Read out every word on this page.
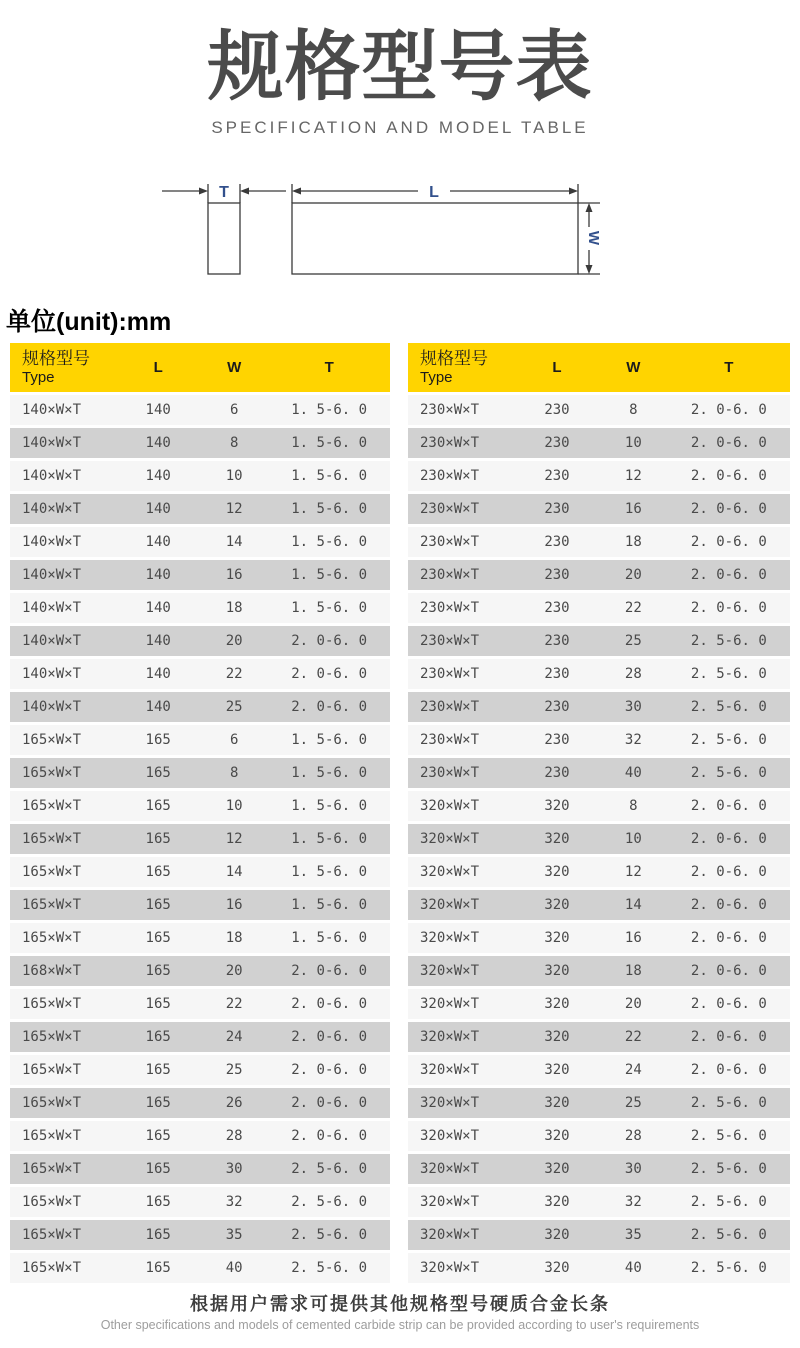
规格型号表
SPECIFICATION AND MODEL TABLE
T	L
W
单位(unit):mm
规格型号
Type
L	W	T
140×W×T	140	6	1. 5-6. 0
140×W×T	140	8	1. 5-6. 0
140×W×T	140	10	1. 5-6. 0
140×W×T	140	12	1. 5-6. 0
140×W×T	140	14	1. 5-6. 0
140×W×T	140	16	1. 5-6. 0
140×W×T	140	18	1. 5-6. 0
140×W×T	140	20	2. 0-6. 0
140×W×T	140	22	2. 0-6. 0
140×W×T	140	25	2. 0-6. 0
165×W×T	165	6	1. 5-6. 0
165×W×T	165	8	1. 5-6. 0
165×W×T	165	10	1. 5-6. 0
165×W×T	165	12	1. 5-6. 0
165×W×T	165	14	1. 5-6. 0
165×W×T	165	16	1. 5-6. 0
165×W×T	165	18	1. 5-6. 0
168×W×T	165	20	2. 0-6. 0
165×W×T	165	22	2. 0-6. 0
165×W×T	165	24	2. 0-6. 0
165×W×T	165	25	2. 0-6. 0
165×W×T	165	26	2. 0-6. 0
165×W×T	165	28	2. 0-6. 0
165×W×T	165	30	2. 5-6. 0
165×W×T	165	32	2. 5-6. 0
165×W×T	165	35	2. 5-6. 0
165×W×T	165	40	2. 5-6. 0
规格型号
Type
L	W	T
230×W×T	230	8	2. 0-6. 0
230×W×T	230	10	2. 0-6. 0
230×W×T	230	12	2. 0-6. 0
230×W×T	230	16	2. 0-6. 0
230×W×T	230	18	2. 0-6. 0
230×W×T	230	20	2. 0-6. 0
230×W×T	230	22	2. 0-6. 0
230×W×T	230	25	2. 5-6. 0
230×W×T	230	28	2. 5-6. 0
230×W×T	230	30	2. 5-6. 0
230×W×T	230	32	2. 5-6. 0
230×W×T	230	40	2. 5-6. 0
320×W×T	320	8	2. 0-6. 0
320×W×T	320	10	2. 0-6. 0
320×W×T	320	12	2. 0-6. 0
320×W×T	320	14	2. 0-6. 0
320×W×T	320	16	2. 0-6. 0
320×W×T	320	18	2. 0-6. 0
320×W×T	320	20	2. 0-6. 0
320×W×T	320	22	2. 0-6. 0
320×W×T	320	24	2. 0-6. 0
320×W×T	320	25	2. 5-6. 0
320×W×T	320	28	2. 5-6. 0
320×W×T	320	30	2. 5-6. 0
320×W×T	320	32	2. 5-6. 0
320×W×T	320	35	2. 5-6. 0
320×W×T	320	40	2. 5-6. 0
根据用户需求可提供其他规格型号硬质合金长条
Other specifications and models of cemented carbide strip can be provided according to user's requirements
